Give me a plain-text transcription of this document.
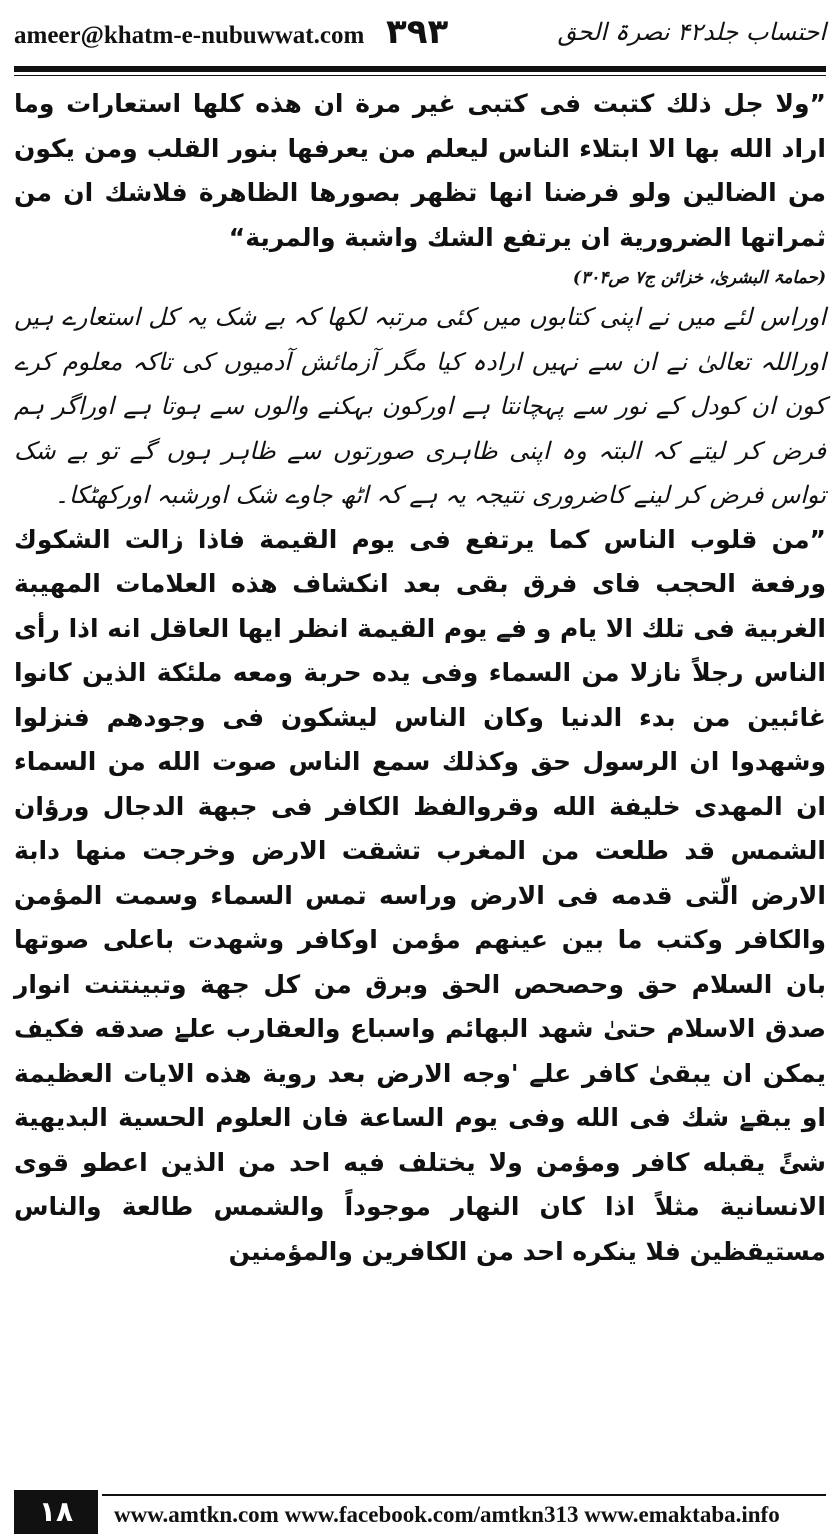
ameer@khatm-e-nubuwwat.com ۳۹۳	احتساب جلد۴۲ نصرۃ الحق

”ولا جل ذلك كتبت فى كتبى غير مرة ان هذه كلها استعارات وما اراد الله بها الا ابتلاء الناس ليعلم من يعرفها بنور القلب ومن يكون من الضالين ولو فرضنا انها تظهر بصورها الظاهرة فلاشك ان من ثمراتها الضرورية ان يرتفع الشك واشبة والمرية“

(حمامۃ البشریٰ، خزائن ج۷ ص۳۰۴)

اوراس لئے میں نے اپنی کتابوں میں کئی مرتبہ لکھا کہ بے شک یہ کل استعارے ہیں اوراللہ تعالیٰ نے ان سے نہیں ارادہ کیا مگر آزمائش آدمیوں کی تاکہ معلوم کرے کون ان کودل کے نور سے پہچانتا ہے اورکون بہکنے والوں سے ہوتا ہے اوراگر ہم فرض کر لیتے کہ البتہ وہ اپنی ظاہری صورتوں سے ظاہر ہوں گے تو بے شک تواس فرض کر لینے کاضروری نتیجہ یہ ہے کہ اٹھ جاوے شک اورشبہ اورکھٹکا۔

”من قلوب الناس كما يرتفع فى يوم القيمة فاذا زالت الشكوك ورفعة الحجب فاى فرق بقى بعد انكشاف هذه العلامات المهيبة الغربية فى تلك الا يام و فے يوم القيمة انظر ايها العاقل انه اذا رأى الناس رجلاً نازلا من السماء وفى يده حربة ومعه ملئكة الذين كانوا غائبين من بدء الدنيا وكان الناس ليشكون فى وجودهم فنزلوا وشهدوا ان الرسول حق وكذلك سمع الناس صوت الله من السماء ان المهدى خليفة الله وقروالفظ الكافر فى جبهة الدجال ورؤان الشمس قد طلعت من المغرب تشقت الارض وخرجت منها دابة الارض الّتى قدمه فى الارض وراسه تمس السماء وسمت المؤمن والكافر وكتب ما بين عينهم مؤمن اوكافر وشهدت باعلى صوتها بان السلام حق وحصحص الحق وبرق من كل جهة وتبينتنت انوار صدق الاسلام حتىٰ شهد البهائم واسباع والعقارب علےٰ صدقه فكيف يمكن ان يبقىٰ كافر علے 'وجه الارض بعد روية هذه الايات العظيمة او يبقےٰ شك فى الله وفى يوم الساعة فان العلوم الحسية البديهية شئً يقبله كافر ومؤمن ولا يختلف فيه احد من الذين اعطو قوى الانسانية مثلاً اذا كان النهار موجوداً والشمس طالعة والناس مستيقظين فلا ينكره احد من الكافرين والمؤمنين

۱۸	www.amtkn.com www.facebook.com/amtkn313 www.emaktaba.info
